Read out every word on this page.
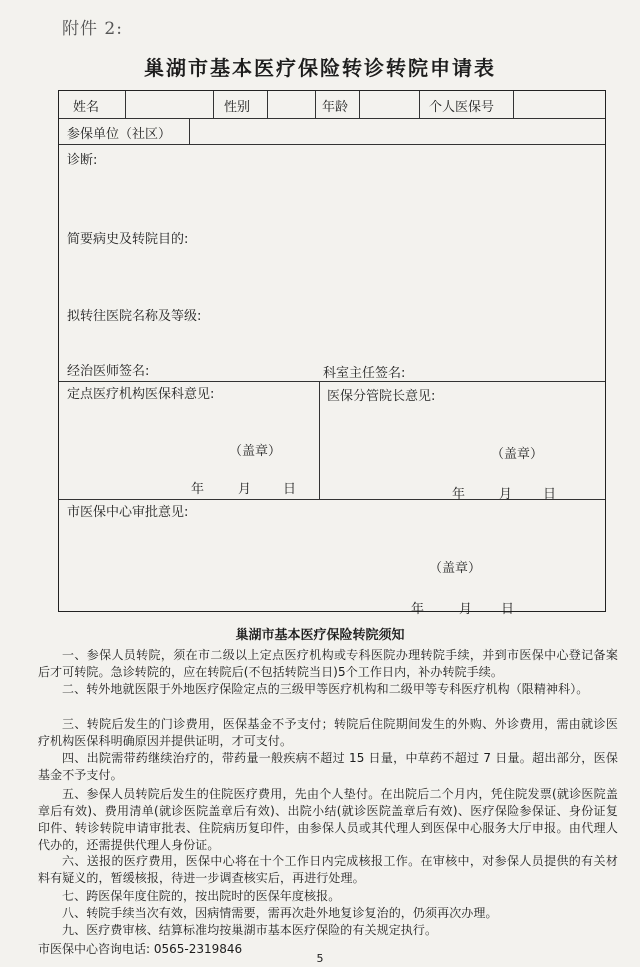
附件 2:
巢湖市基本医疗保险转诊转院申请表
姓名	性别	年龄	个人医保号
参保单位（社区）
诊断:
简要病史及转院目的:
拟转往医院名称及等级:
经治医师签名:	科室主任签名:
定点医疗机构医保科意见:
（盖章）
年	月 日
医保分管院长意见:
（盖章）
年	月 日
市医保中心审批意见:
（盖章）
年	月 日
巢湖市基本医疗保险转院须知
一、参保人员转院，须在市二级以上定点医疗机构或专科医院办理转院手续，并到市医保中心登记备案后才可转院。急诊转院的，应在转院后(不包括转院当日)5个工作日内，补办转院手续。
二、转外地就医限于外地医疗保险定点的三级甲等医疗机构和二级甲等专科医疗机构（限精神科）。
三、转院后发生的门诊费用，医保基金不予支付；转院后住院期间发生的外购、外诊费用，需由就诊医疗机构医保科明确原因并提供证明，才可支付。
四、出院需带药继续治疗的，带药量一般疾病不超过 15 日量，中草药不超过 7 日量。超出部分，医保基金不予支付。
五、参保人员转院后发生的住院医疗费用，先由个人垫付。在出院后二个月内，凭住院发票(就诊医院盖章后有效)、费用清单(就诊医院盖章后有效)、出院小结(就诊医院盖章后有效)、医疗保险参保证、身份证复印件、转诊转院申请审批表、住院病历复印件，由参保人员或其代理人到医保中心服务大厅申报。由代理人代办的，还需提供代理人身份证。
六、送报的医疗费用，医保中心将在十个工作日内完成核报工作。在审核中，对参保人员提供的有关材料有疑义的，暂缓核报，待进一步调查核实后，再进行处理。
七、跨医保年度住院的，按出院时的医保年度核报。
八、转院手续当次有效，因病情需要，需再次赴外地复诊复治的，仍须再次办理。
九、医疗费审核、结算标准均按巢湖市基本医疗保险的有关规定执行。
市医保中心咨询电话: 0565-2319846
5
